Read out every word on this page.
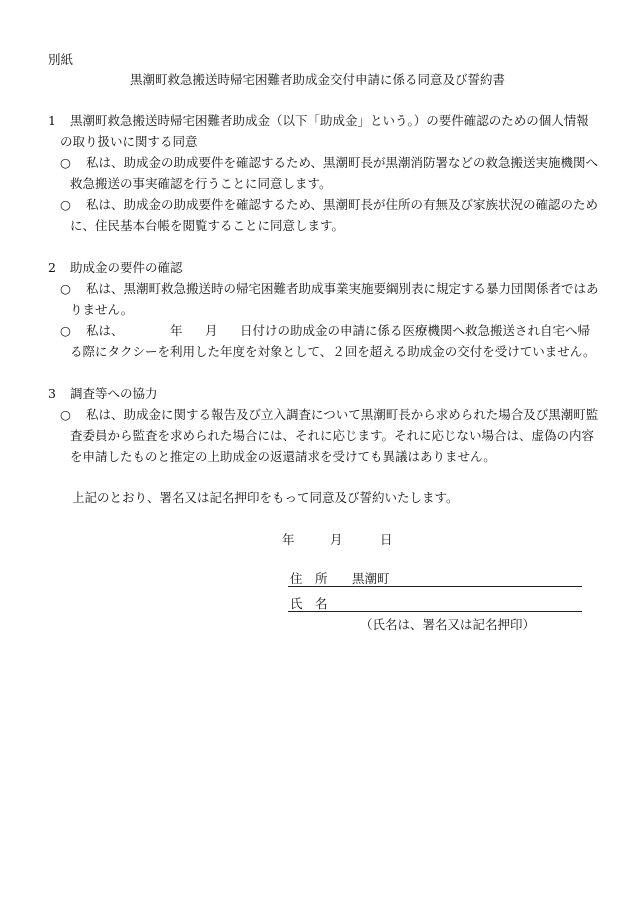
別紙
黒潮町救急搬送時帰宅困難者助成金交付申請に係る同意及び誓約書
1 黒潮町救急搬送時帰宅困難者助成金（以下「助成金」という。）の要件確認のための個人情報
の取り扱いに関する同意
○ 私は、助成金の助成要件を確認するため、黒潮町長が黒潮消防署などの救急搬送実施機関へ
救急搬送の事実確認を行うことに同意します。
○ 私は、助成金の助成要件を確認するため、黒潮町長が住所の有無及び家族状況の確認のため
に、住民基本台帳を閲覧することに同意します。
2 助成金の要件の確認
○ 私は、黒潮町救急搬送時の帰宅困難者助成事業実施要綱別表に規定する暴力団関係者ではあ
りません。
○ 私は、	年 月 日付けの助成金の申請に係る医療機関へ救急搬送され自宅へ帰
る際にタクシーを利用した年度を対象として、２回を超える助成金の交付を受けていません。
3 調査等への協力
○ 私は、助成金に関する報告及び立入調査について黒潮町長から求められた場合及び黒潮町監
査委員から監査を求められた場合には、それに応じます。それに応じない場合は、虚偽の内容
を申請したものと推定の上助成金の返還請求を受けても異議はありません。
上記のとおり、署名又は記名押印をもって同意及び誓約いたします。
年	月	日
住　所 黒潮町
氏　名
（氏名は、署名又は記名押印）
